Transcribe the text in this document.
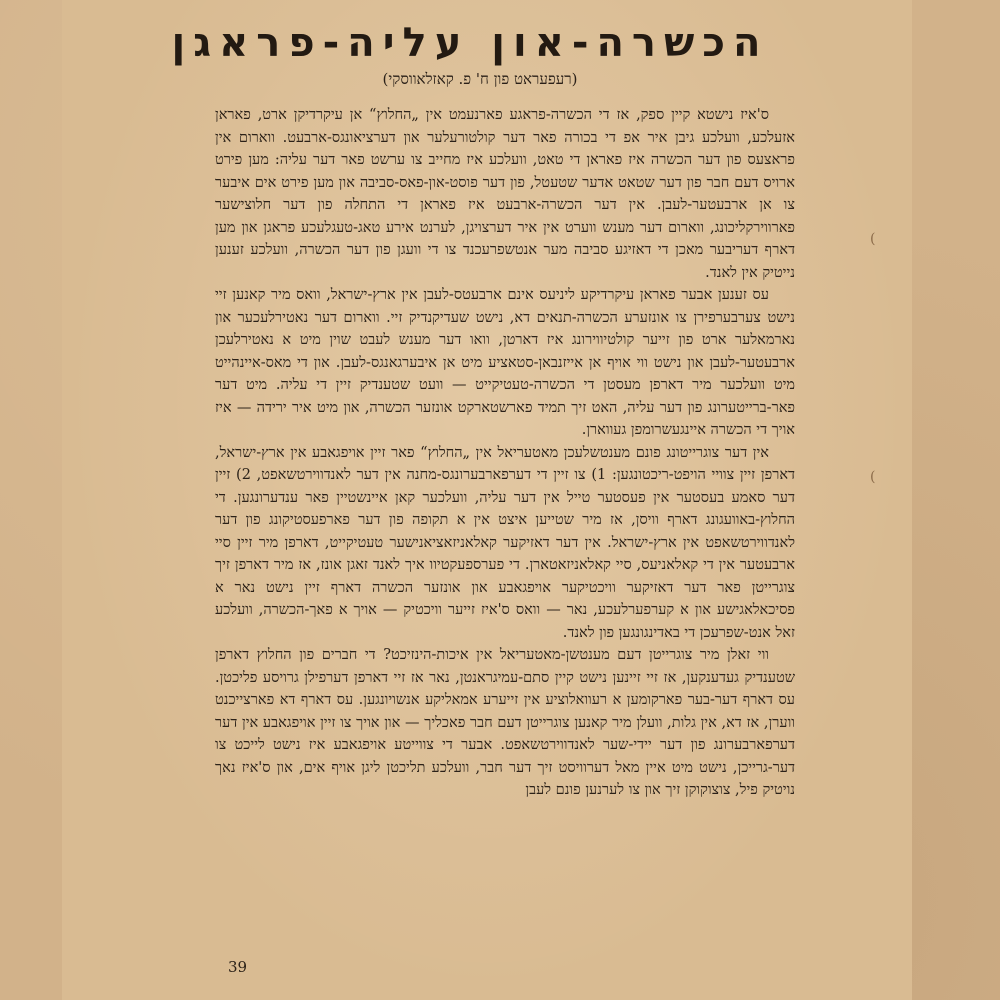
(
(
הכשרה-און עליה-פראגן
(רעפעראט פון ח' פ. קאזלאווסקי)

ס'איז נישטא קיין ספק, אז די הכשרה-פראגע פארנעמט אין „החלוץ“ אן עיקרדיקן ארט, פאראן אזעלכע, וועלכע גיבן איר אפ די בכורה פאר דער קולטורעלער און דערציאונגס-ארבעט. ווארום אין פראצעס פון דער הכשרה איז פאראן די טאט, וועלכע איז מחייב צו ערשט פאר דער עליה: מען פירט ארויס דעם חבר פון דער שטאט אדער שטעטל, פון דער פוסט-און-פאס-סביבה און מען פירט אים איבער צו אן ארבעטער-לעבן. אין דער הכשרה-ארבעט איז פאראן די התחלה פון דער חלוצישער פארווירקליכונג, ווארום דער מענש ווערט אין איר דערצויגן, לערנט אירע טאג-טעגלעכע פראגן און מען דארף דעריבער מאכן די דאזיגע סביבה מער אנטשפרעכנד צו די וועגן פון דער הכשרה, וועלכע זענען נייטיק אין לאנד.

עס זענען אבער פאראן עיקרדיקע ליניעס אינם ארבעטס-לעבן אין ארץ-ישראל, וואס מיר קאנען זיי נישט צערבערפירן צו אונזערע הכשרה-תנאים דא, נישט שעדיקנדיק זיי. ווארום דער נאטירלעכער און נארמאלער ארט פון זייער קולטיווירונג איז דארטן, וואו דער מענש לעבט שוין מיט א נאטירלעכן ארבעטער-לעבן און נישט ווי אויף אן אייזנבאן-סטאציע מיט אן איבערגאנגס-לעבן. און די מאס-איינהייט מיט וועלכער מיר דארפן מעסטן די הכשרה-טעטיקייט — וועט שטענדיק זיין די עליה. מיט דער פאר-ברייטערונג פון דער עליה, האט זיך תמיד פארשטארקט אונזער הכשרה, און מיט איר ירידה — איז אויך די הכשרה איינגעשרומפן געווארן.

אין דער צוגרייטונג פונם מענטשלעכן מאטעריאל אין „החלוץ“ פאר זיין אויפגאבע אין ארץ-ישראל, דארפן זיין צוויי הויפט-ריכטונגען: 1) צו זיין די דערפארבערונגס-מחנה אין דער לאנדווירטשאפט, 2) זיין דער סאמע בעסטער אין פעסטער טייל אין דער עליה, וועלכער קאן איינשטיין פאר ענדערונגען. די החלוץ-באוועגונג דארף וויסן, אז מיר שטייען איצט אין א תקופה פון דער פארפעסטיקונג פון דער לאנדווירטשאפט אין ארץ-ישראל. אין דער דאזיקער קאלאניזאציאנישער טעטיקייט, דארפן מיר זיין סיי ארבעטער אין די קאלאניעס, סיי קאלאניזאטארן. די פערספעקטיוו איך לאנד זאגן אונז, אז מיר דארפן זיך צוגרייטן פאר דער דאזיקער וויכטיקער אויפגאבע און אונזער הכשרה דארף זיין נישט נאר א פסיכאלאגישע און א קערפערלעכע, נאר — וואס ס'איז זייער וויכטיק — אויך א פאך-הכשרה, וועלכע זאל אנט-שפרעכן די באדינגונגען פון לאנד.

ווי זאלן מיר צוגרייטן דעם מענטשן-מאטעריאל אין איכות-הינזיכט? די חברים פון החלוץ דארפן שטענדיק געדענקען, אז זיי זיינען נישט קיין סתם-עמיגראנטן, נאר אז זיי דארפן דערפילן גרויסע פליכטן. עס דארף דער-בער פארקומען א רעוואלוציע אין זייערע אמאליקע אנשויונגען. עס דארף דא פארצייכנט ווערן, אז דא, אין גלות, וועלן מיר קאנען צוגרייטן דעם חבר פאכליך — און אויך צו זיין אויפגאבע אין דער דערפארבערונג פון דער יידי-שער לאנדווירטשאפט. אבער די צווייטע אויפגאבע איז נישט לייכט צו דער-גרייכן, נישט מיט איין מאל דערוויסט זיך דער חבר, וועלכע תליכטן ליגן אויף אים, און ס'איז נאך נויטיק פיל, צוצוקוקן זיך און צו לערנען פונם לעבן

39
